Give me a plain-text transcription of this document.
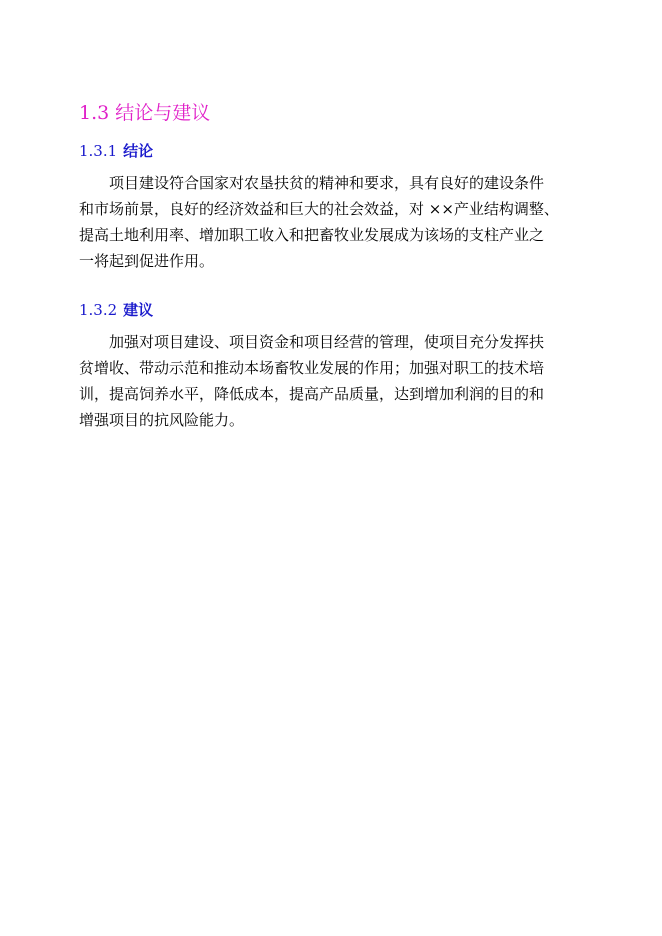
1.3 结论与建议
1.3.1 结论
项目建设符合国家对农垦扶贫的精神和要求，具有良好的建设条件
和市场前景，良好的经济效益和巨大的社会效益，对 ××产业结构调整、
提高土地利用率、增加职工收入和把畜牧业发展成为该场的支柱产业之
一将起到促进作用。
1.3.2 建议
加强对项目建设、项目资金和项目经营的管理，使项目充分发挥扶
贫增收、带动示范和推动本场畜牧业发展的作用；加强对职工的技术培
训，提高饲养水平，降低成本，提高产品质量，达到增加利润的目的和
增强项目的抗风险能力。
